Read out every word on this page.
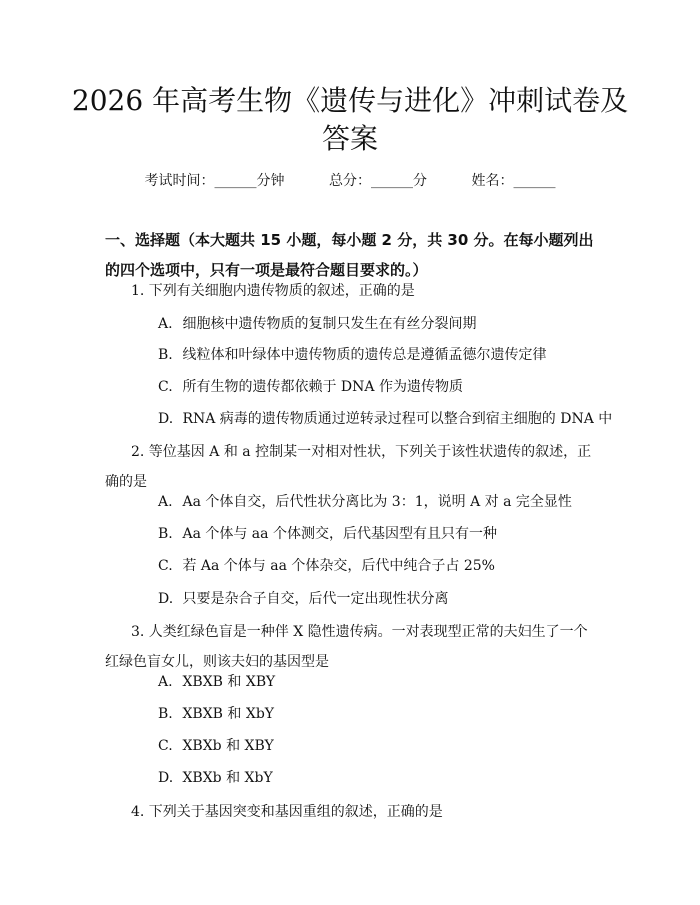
2026 年高考生物《遗传与进化》冲刺试卷及
答案
考试时间：______分钟	总分：______分	姓名：______
一、选择题（本大题共 15 小题，每小题 2 分，共 30 分。在每小题列出的四个选项中，只有一项是最符合题目要求的。）
1. 下列有关细胞内遗传物质的叙述，正确的是
A. 细胞核中遗传物质的复制只发生在有丝分裂间期
B. 线粒体和叶绿体中遗传物质的遗传总是遵循孟德尔遗传定律
C. 所有生物的遗传都依赖于 DNA 作为遗传物质
D. RNA 病毒的遗传物质通过逆转录过程可以整合到宿主细胞的 DNA 中
2. 等位基因 A 和 a 控制某一对相对性状，下列关于该性状遗传的叙述，正确的是
A. Aa 个体自交，后代性状分离比为 3：1，说明 A 对 a 完全显性
B. Aa 个体与 aa 个体测交，后代基因型有且只有一种
C. 若 Aa 个体与 aa 个体杂交，后代中纯合子占 25%
D. 只要是杂合子自交，后代一定出现性状分离
3. 人类红绿色盲是一种伴 X 隐性遗传病。一对表现型正常的夫妇生了一个红绿色盲女儿，则该夫妇的基因型是
A. XBXB 和 XBY
B. XBXB 和 XbY
C. XBXb 和 XBY
D. XBXb 和 XbY
4. 下列关于基因突变和基因重组的叙述，正确的是
